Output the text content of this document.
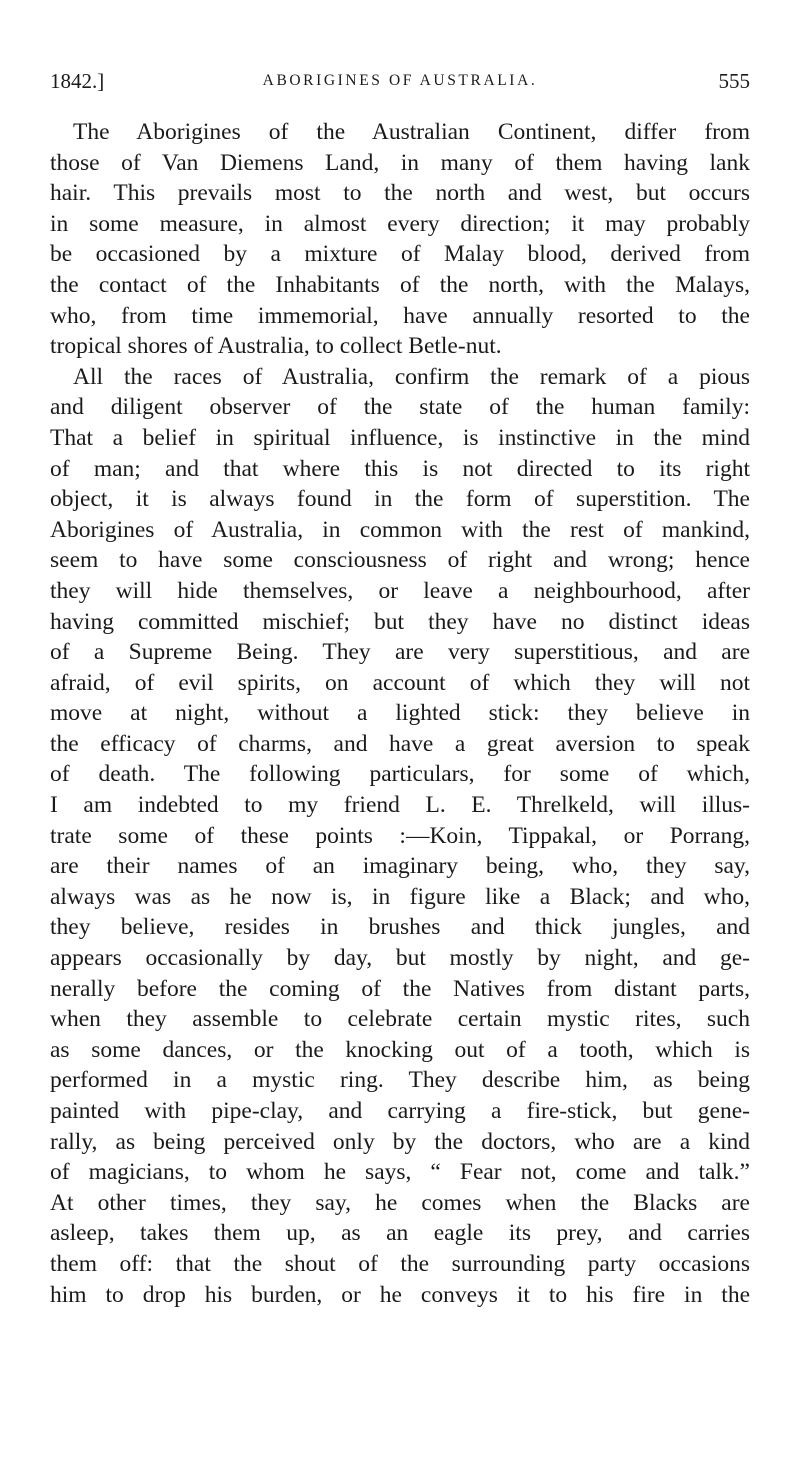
1842.]	ABORIGINES OF AUSTRALIA.	555
The Aborigines of the Australian Continent, differ from
those of Van Diemens Land, in many of them having lank
hair. This prevails most to the north and west, but occurs
in some measure, in almost every direction; it may probably
be occasioned by a mixture of Malay blood, derived from
the contact of the Inhabitants of the north, with the Malays,
who, from time immemorial, have annually resorted to the
tropical shores of Australia, to collect Betle-nut.
All the races of Australia, confirm the remark of a pious
and diligent observer of the state of the human family:
That a belief in spiritual influence, is instinctive in the mind
of man; and that where this is not directed to its right
object, it is always found in the form of superstition. The
Aborigines of Australia, in common with the rest of mankind,
seem to have some consciousness of right and wrong; hence
they will hide themselves, or leave a neighbourhood, after
having committed mischief; but they have no distinct ideas
of a Supreme Being. They are very superstitious, and are
afraid, of evil spirits, on account of which they will not
move at night, without a lighted stick: they believe in
the efficacy of charms, and have a great aversion to speak
of death. The following particulars, for some of which,
I am indebted to my friend L. E. Threlkeld, will illus-
trate some of these points :—Koin, Tippakal, or Porrang,
are their names of an imaginary being, who, they say,
always was as he now is, in figure like a Black; and who,
they believe, resides in brushes and thick jungles, and
appears occasionally by day, but mostly by night, and ge-
nerally before the coming of the Natives from distant parts,
when they assemble to celebrate certain mystic rites, such
as some dances, or the knocking out of a tooth, which is
performed in a mystic ring. They describe him, as being
painted with pipe-clay, and carrying a fire-stick, but gene-
rally, as being perceived only by the doctors, who are a kind
of magicians, to whom he says, “ Fear not, come and talk.”
At other times, they say, he comes when the Blacks are
asleep, takes them up, as an eagle its prey, and carries
them off: that the shout of the surrounding party occasions
him to drop his burden, or he conveys it to his fire in the
